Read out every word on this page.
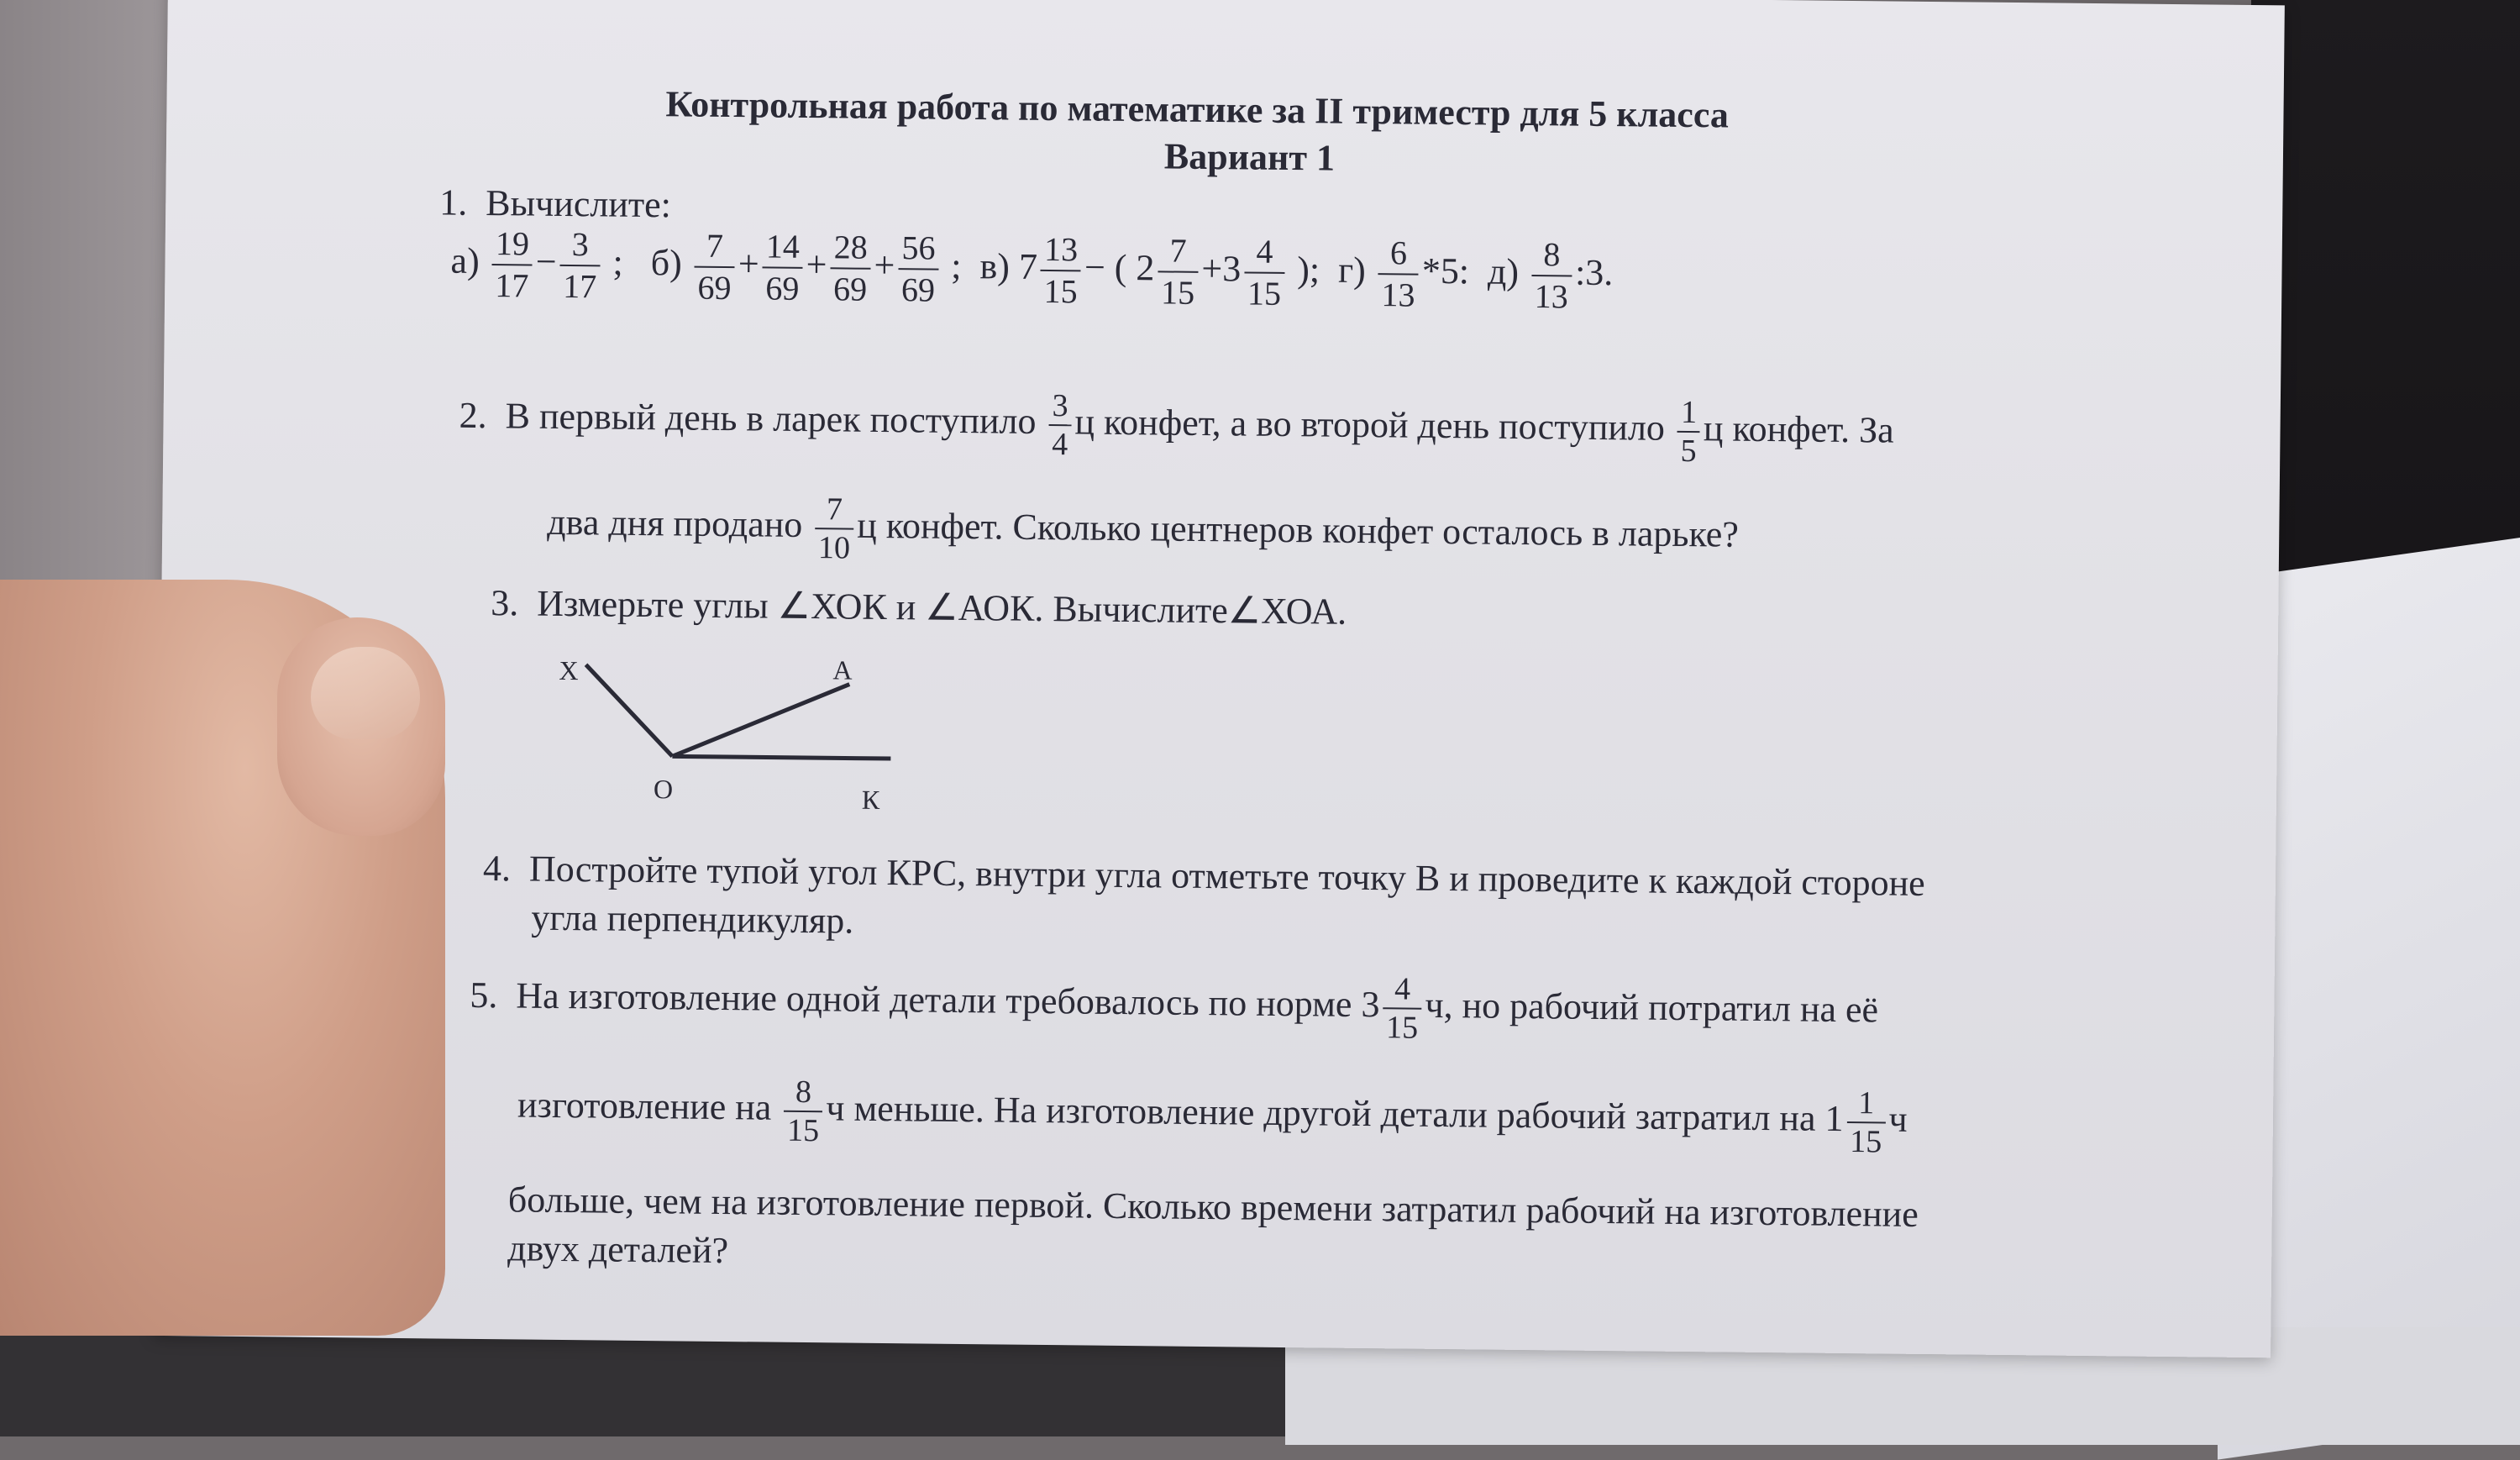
Контрольная работа по математике за II триместр для 5 класса
Вариант 1
1. Вычислите:
$а) \frac{19}{17} - \frac{3}{17}$ ; $б) \frac{7}{69} + \frac{14}{69} + \frac{28}{69} + \frac{56}{69}$ ; в) $7 \frac{13}{15}$ − ( $2 \frac{7}{15} +3 \frac{4}{15}$ ); $г) \frac{6}{13} *5$: $д) \frac{8}{13}$ :3.
2. В первый день в ларек поступило $\frac{3}{4}$ ц конфет, а во второй день поступило $\frac{1}{5}$ ц конфет. За
два дня продано $\frac{7}{10}$ ц конфет. Сколько центнеров конфет осталось в ларьке?
3. Измерьте углы ∠ХОК и ∠АОК. Вычислите∠ХОА.
Х	А
О	К
4. Постройте тупой угол КРС, внутри угла отметьте точку В и проведите к каждой стороне
угла перпендикуляр.
5. На изготовление одной детали требовалось по норме $3 \frac{4}{15} ч$, но рабочий потратил на её
изготовление на $\frac{8}{15}$ ч меньше. На изготовление другой детали рабочий затратил на $1 \frac{1}{15}$ ч
больше, чем на изготовление первой. Сколько времени затратил рабочий на изготовление
двух деталей?
